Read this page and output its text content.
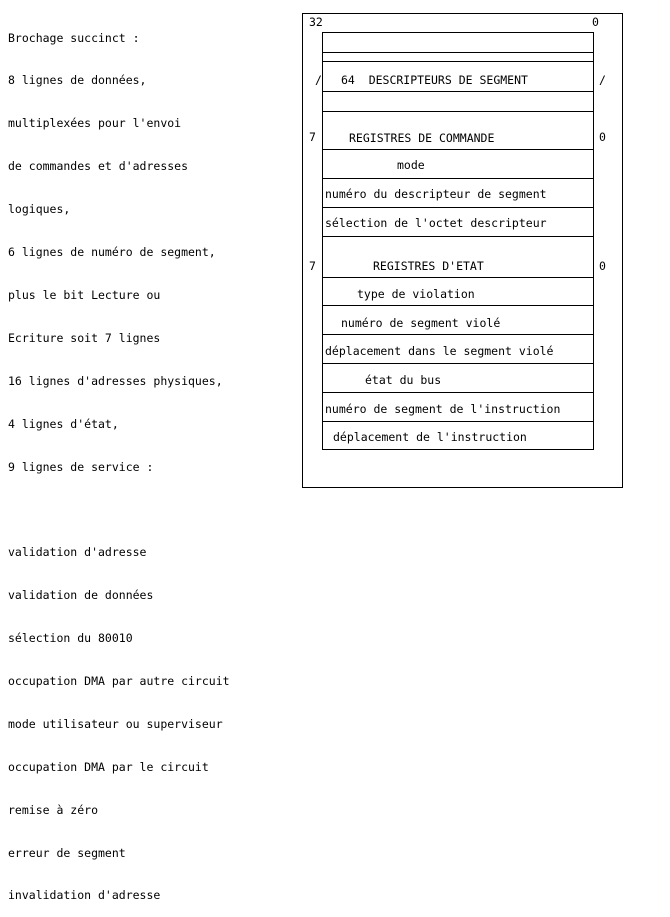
Brochage succinct :

8 lignes de données,

multiplexées pour l'envoi

de commandes et d'adresses

logiques,

6 lignes de numéro de segment,

plus le bit Lecture ou

Ecriture soit 7 lignes

16 lignes d'adresses physiques,

4 lignes d'état,

9 lignes de service :

validation d'adresse

validation de données

sélection du 80010

occupation DMA par autre circuit

mode utilisateur ou superviseur

occupation DMA par le circuit

remise à zéro

erreur de segment

invalidation d'adresse

32	0
/	/
7	0
7	0
64  DESCRIPTEURS DE SEGMENT
REGISTRES DE COMMANDE
mode
numéro du descripteur de segment
sélection de l'octet descripteur
REGISTRES D'ETAT
type de violation
numéro de segment violé
déplacement dans le segment violé
état du bus
numéro de segment de l'instruction
déplacement de l'instruction
